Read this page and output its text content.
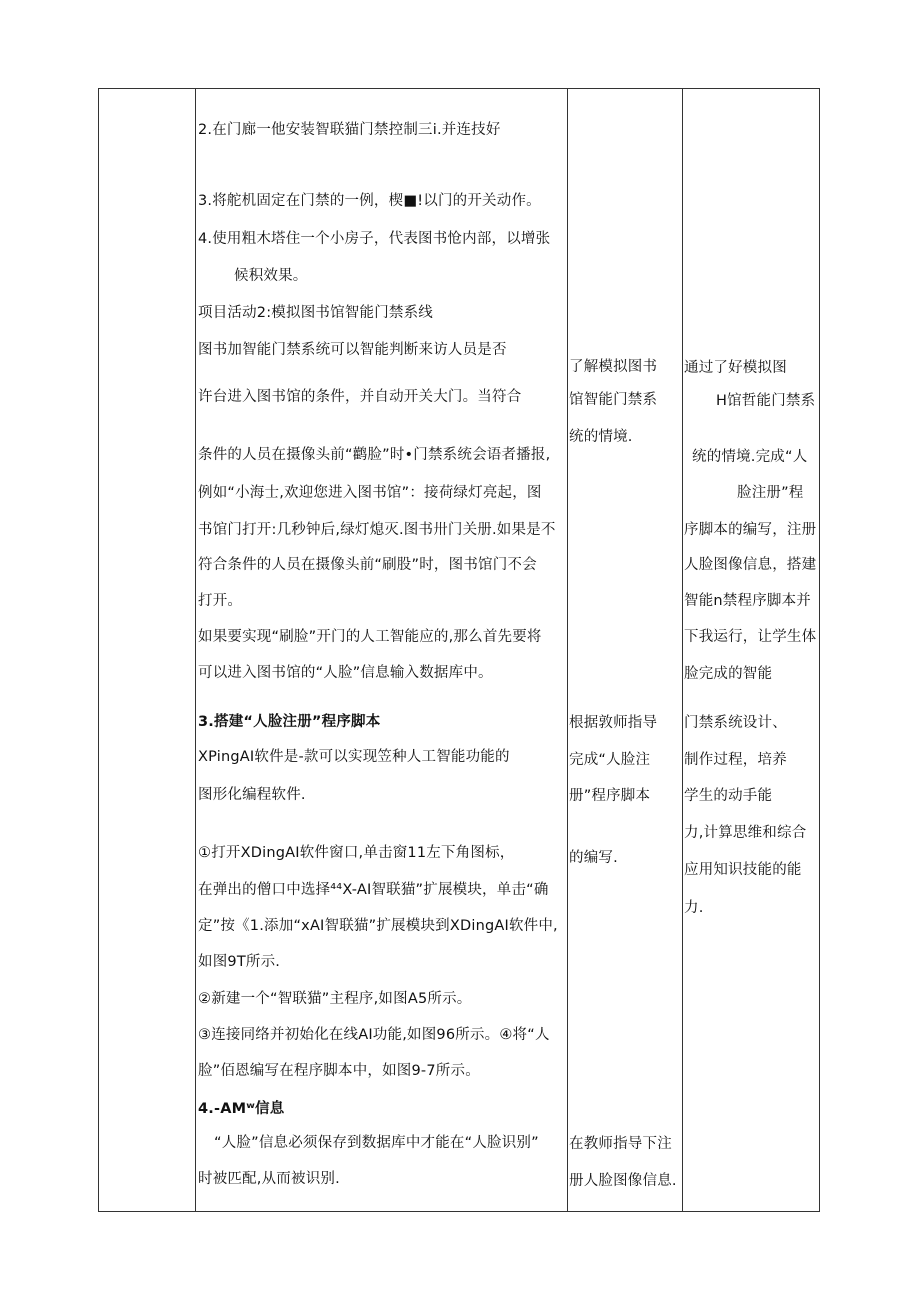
2.在门廊一他安装智联猫门禁控制三i.并连技好
3.将舵机固定在门禁的一例，楔■!以门的开关动作。
4.使用粗木塔住一个小房子，代表图书怆内部，以增张
候积效果。
项目活动2:模拟图书馆智能门禁系线
图书加智能门禁系统可以智能判断来访人员是否
许台进入图书馆的条件，并自动开关大门。当符合
条件的人员在摄像头前“鹳脸”时•门禁系统会语者播报,
例如“小海士,欢迎您进入图书馆”：接荷绿灯亮起，图
书馆门打开:几秒钟后,绿灯熄灭.图书卅门关册.如果是不
符合条件的人员在摄像头前“刷股”时，图书馆门不会
打开。
如果要实现“刷脸”开门的人工智能应的,那么首先要将
可以进入图书馆的“人脸”信息输入数据库中。
3.搭建“人脸注册”程序脚本
XPingAI软件是-款可以实现笠种人工智能功能的
图形化编程软件.
①打开XDingAI软件窗口,单击窗11左下角图标，
在弹出的僧口中选择⁴⁴X-AI智联猫”扩展模块，单击“确
定”按《1.添加“xAI智联猫”扩展模块到XDingAI软件中,
如图9T所示.
②新建一个“智联猫”主程序,如图A5所示。
③连接同络并初始化在线AI功能,如图96所示。④将“人
脸”佰恩编写在程序脚本中，如图9-7所示。
4.-AMʷ信息
“人脸”信息必须保存到数据库中才能在“人脸识别”
时被匹配,从而被识别.
了解模拟图书
馆智能门禁系
统的情境.
根据敦师指导
完成“人脸注
册”程序脚本
的编写.
在教师指导下注
册人脸图像信息.
通过了好模拟图
H馆哲能门禁系
统的情境.完成“人
脸注册”程
序脚本的编写，注册
人脸图像信息，搭建
智能n禁程序脚本并
下我运行，让学生体
脸完成的智能
门禁系统设计、
制作过程，培养
学生的动手能
力,计算思维和综合
应用知识技能的能
力.
